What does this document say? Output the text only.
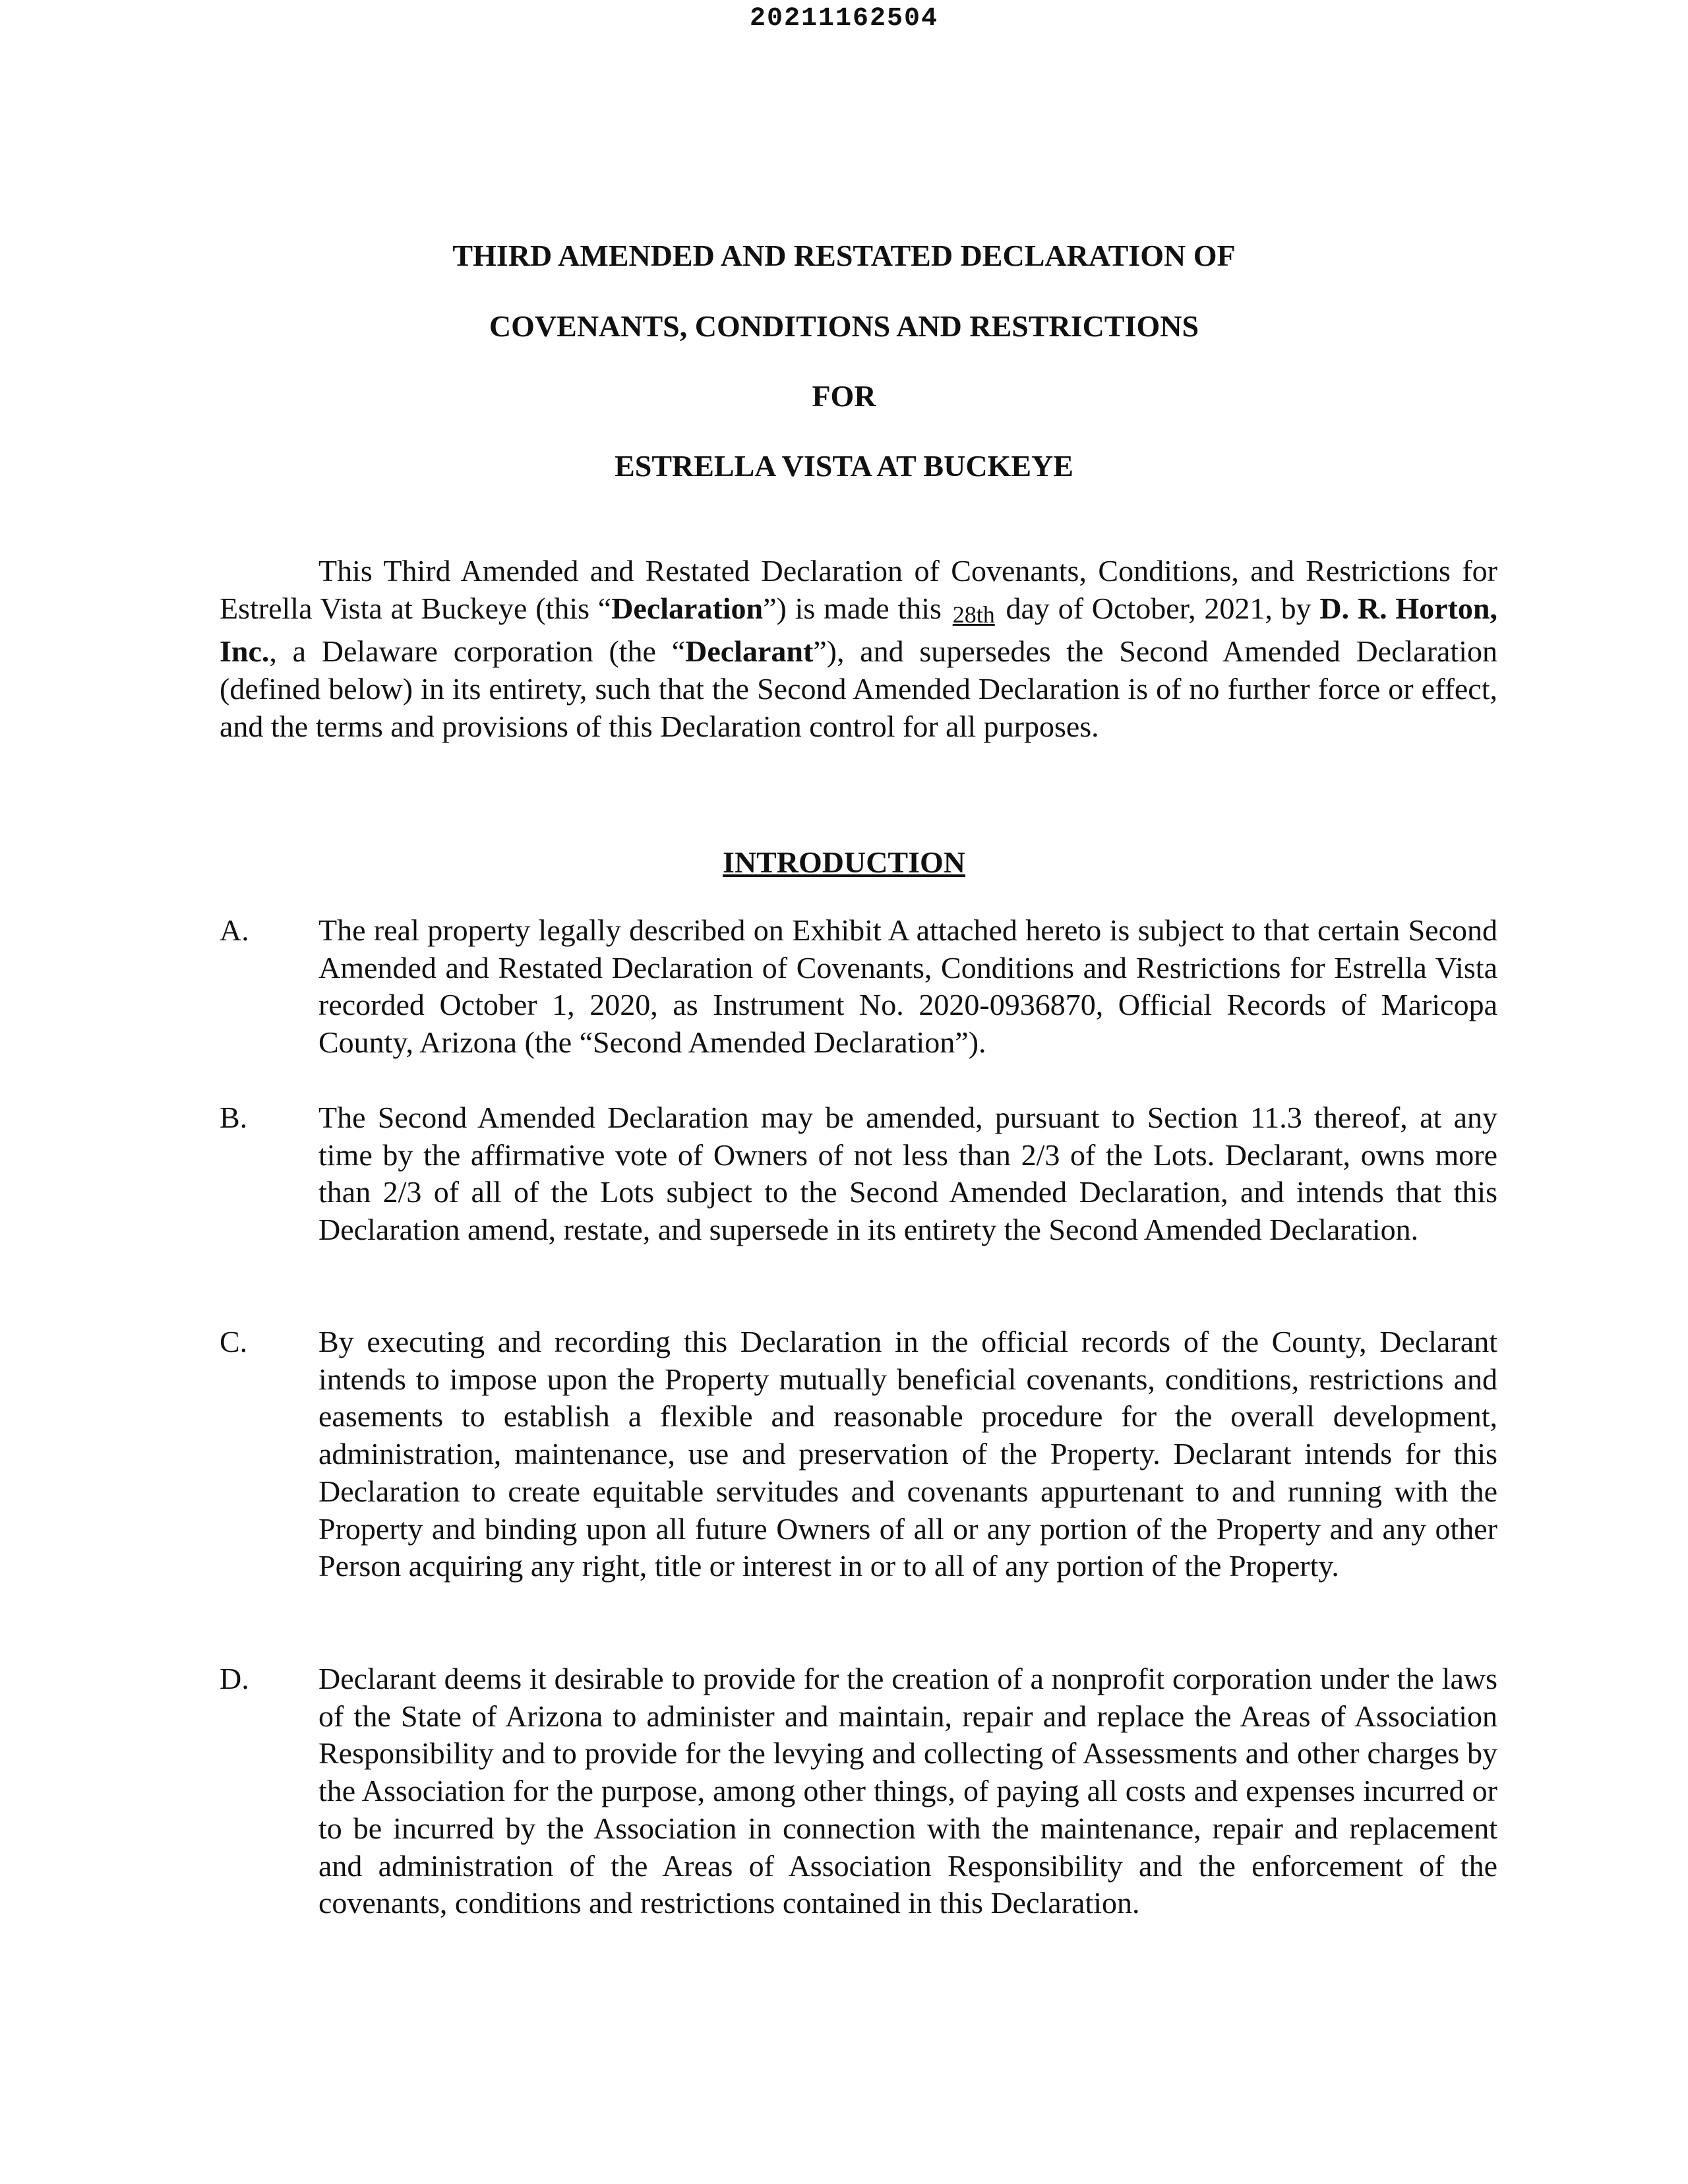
20211162504
THIRD AMENDED AND RESTATED DECLARATION OF
COVENANTS, CONDITIONS AND RESTRICTIONS
FOR
ESTRELLA VISTA AT BUCKEYE

This Third Amended and Restated Declaration of Covenants, Conditions, and Restrictions for Estrella Vista at Buckeye (this “Declaration”) is made this 28th day of October, 2021, by D. R. Horton, Inc., a Delaware corporation (the “Declarant”), and supersedes the Second Amended Declaration (defined below) in its entirety, such that the Second Amended Declaration is of no further force or effect, and the terms and provisions of this Declaration control for all purposes.

INTRODUCTION
A. The real property legally described on Exhibit A attached hereto is subject to that certain Second Amended and Restated Declaration of Covenants, Conditions and Restrictions for Estrella Vista recorded October 1, 2020, as Instrument No. 2020-0936870, Official Records of Maricopa County, Arizona (the “Second Amended Declaration”).

B. The Second Amended Declaration may be amended, pursuant to Section 11.3 thereof, at any time by the affirmative vote of Owners of not less than 2/3 of the Lots. Declarant, owns more than 2/3 of all of the Lots subject to the Second Amended Declaration, and intends that this Declaration amend, restate, and supersede in its entirety the Second Amended Declaration.

C. By executing and recording this Declaration in the official records of the County, Declarant intends to impose upon the Property mutually beneficial covenants, conditions, restrictions and easements to establish a flexible and reasonable procedure for the overall development, administration, maintenance, use and preservation of the Property. Declarant intends for this Declaration to create equitable servitudes and covenants appurtenant to and running with the Property and binding upon all future Owners of all or any portion of the Property and any other Person acquiring any right, title or interest in or to all of any portion of the Property.

D. Declarant deems it desirable to provide for the creation of a nonprofit corporation under the laws of the State of Arizona to administer and maintain, repair and replace the Areas of Association Responsibility and to provide for the levying and collecting of Assessments and other charges by the Association for the purpose, among other things, of paying all costs and expenses incurred or to be incurred by the Association in connection with the maintenance, repair and replacement and administration of the Areas of Association Responsibility and the enforcement of the covenants, conditions and restrictions contained in this Declaration.
